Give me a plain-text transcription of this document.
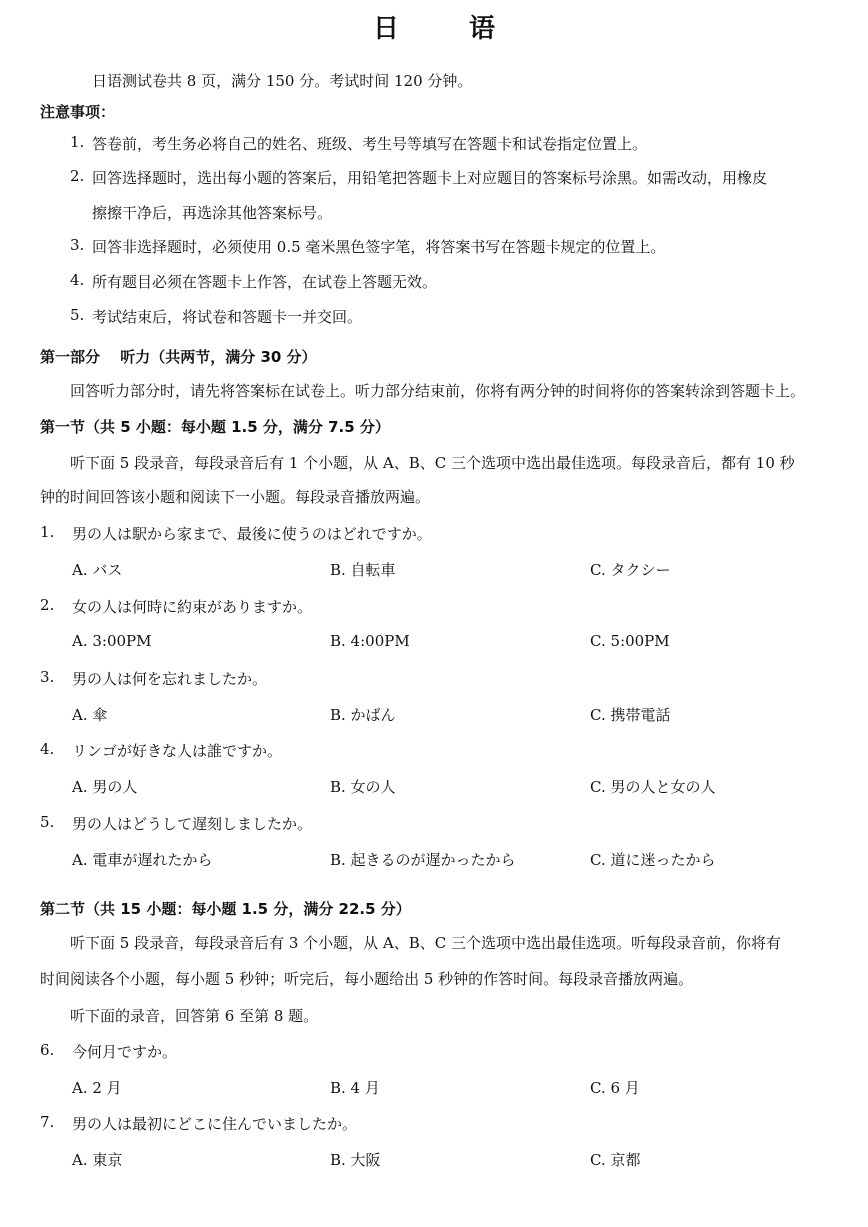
日　语
日语测试卷共 8 页，满分 150 分。考试时间 120 分钟。
注意事项：
1. 答卷前，考生务必将自己的姓名、班级、考生号等填写在答题卡和试卷指定位置上。
2. 回答选择题时，选出每小题的答案后，用铅笔把答题卡上对应题目的答案标号涂黑。如需改动，用橡皮
擦擦干净后，再选涂其他答案标号。
3. 回答非选择题时，必须使用 0.5 毫米黑色签字笔，将答案书写在答题卡规定的位置上。
4. 所有题目必须在答题卡上作答，在试卷上答题无效。
5. 考试结束后，将试卷和答题卡一并交回。
第一部分　 听力（共两节，满分 30 分）
回答听力部分时，请先将答案标在试卷上。听力部分结束前，你将有两分钟的时间将你的答案转涂到答题卡上。
第一节（共 5 小题：每小题 1.5 分，满分 7.5 分）
听下面 5 段录音，每段录音后有 1 个小题，从 A、B、C 三个选项中选出最佳选项。每段录音后，都有 10 秒
钟的时间回答该小题和阅读下一小题。每段录音播放两遍。
1. 男の人は駅から家まで、最後に使うのはどれですか。
A. バス	B. 自転車	C. タクシー
2. 女の人は何時に約束がありますか。
A. 3:00PM	B. 4:00PM	C. 5:00PM
3. 男の人は何を忘れましたか。
A. 傘	B. かばん	C. 携帯電話
4. リンゴが好きな人は誰ですか。
A. 男の人	B. 女の人	C. 男の人と女の人
5. 男の人はどうして遅刻しましたか。
A. 電車が遅れたから	B. 起きるのが遅かったから	C. 道に迷ったから
第二节（共 15 小题：每小题 1.5 分，满分 22.5 分）
听下面 5 段录音，每段录音后有 3 个小题，从 A、B、C 三个选项中选出最佳选项。听每段录音前，你将有
时间阅读各个小题，每小题 5 秒钟；听完后，每小题给出 5 秒钟的作答时间。每段录音播放两遍。
听下面的录音，回答第 6 至第 8 题。
6. 今何月ですか。
A. 2 月	B. 4 月	C. 6 月
7. 男の人は最初にどこに住んでいましたか。
A. 東京	B. 大阪	C. 京都
